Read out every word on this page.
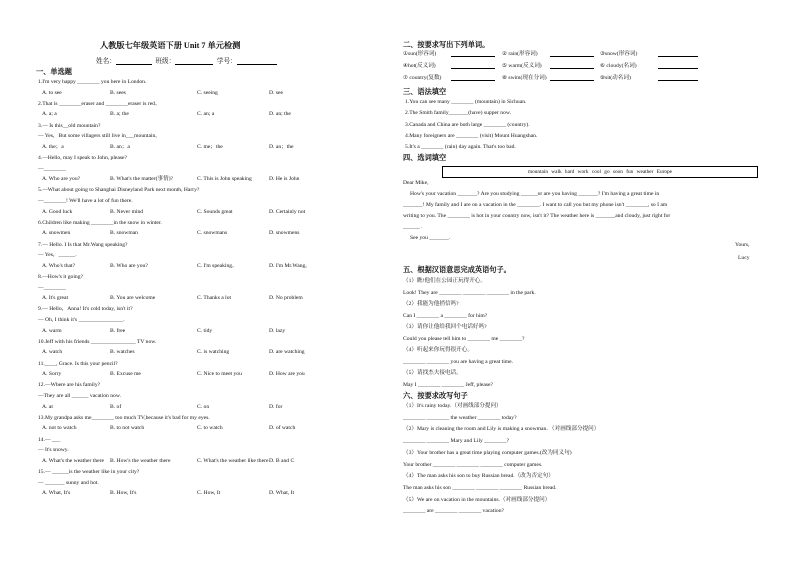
人教版七年级英语下册 Unit 7 单元检测
姓名：	班级：	学号：
一、单选题
1.I'm very happy ________ you here in London.
A. to see	B. sees	C. seeing	D. see
2.That is ________eraser and ________eraser is red。
A. a; a	B. a; the	C. an; a	D. an; the
3.— Is this__old mountain?
— Yes，But some villagers still live in___mountain。
A. the；a	B. an；a	C. me；the	D. an；the
4.—Hello, may I speak to John, please?
—________
A. Who are you?	B. What's the matter(事情)?	C. This is John speaking	D. He is John
5.—What about going to Shanghai Disneyland Park next month, Harry?
—________! We'll have a lot of fun there.
A. Good luck	B. Never mind	C. Sounds great	D. Certainly not
6.Children like making ________in the snow in winter.
A. snowmen	B. snowman	C. snowmans	D. snowmens
7.— Hello. I Is that Mr.Wang speaking?
— Yes，______.
A. Who's that?	B. Who are you?	C. I'm speaking。	D. I'm Mr.Wang。
8.—How's it going?
—________
A. It's great	B. You are welcome	C. Thanks a lot	D. No problem
9.— Hello，Anna! It's cold today, isn't it?
— Oh, I think it's ________________.
A. warm	B. free	C. tidy	D. lazy
10.Jeff with his friends ________________ TV now.
A. watch	B. watches	C. is watching	D. are watching
11.____, Grace. Is this your pencil?
A. Sorry	B. Excuse me	C. Nice to meet you	D. How are you
12.—Where are his family?
—They are all ______ vacation now.
A. at	B. of	C. on	D. for
13.My grandpa asks me________ too much TV,because it's bad for my eyes.
A. not to watch	B. to not watch	C. to watch	D. of watch
14.— ___
— It's snowy.
A. What's the weather there B. How's the weather there	C. What's the weather like there D. B and C
15.— ______is the weather like in your city?
— _______ sunny and hot.
A. What, It's	B. How, It's	C. How, It	D. What, It
二、按要求写出下列单词。
①sun(形容词)	② rain(形容词)	③snow(形容词)
④hot(反义词)	⑤ warm(反义词)	⑥ cloudy(名词)
⑦ country(复数)	⑧ swim(现在分词)	⑨sit(动名词)
三、语法填空
1.You can see many ________ (mountain) in Sichuan.
2.The Smith family_______(have) supper now.
3.Canada and China are both large ________ (country).
4.Many foreigners are ________ (visit) Mount Huangshan.
5.It's a ________ (rain) day again. That's too bad.
四、选词填空
mountain walk hard work cool go soon fun weather Europe
Dear Mike,
How's your vacation _______? Are you studying ______or are you having _______? I'm having a great time in
_______! My family and I are on a vacation in the ________. I want to call you but my phone isn't ________, so I am
writing to you. The ________ is hot in your country now, isn't it? The weather here is _______and cloudy, just right for
______ .
See you _______.
Yours,
Lucy
五、根据汉语意思完成英语句子。
（1）瞧!他们在公园正玩得开心。
Look! They are ________ ________ ________ in the park.
（2）我能为他捎信吗?
Can I ________ a ________ for him?
（3）请你让他给我回个电话好吗?
Could you please tell him to ________ me ________?
（4）听起来你玩得很开心。
________ ________ you are having a great time.
（5）请找杰夫接电话。
May I ________ ________ Jeff, please?
六、按要求改写句子
（1）It's rainy today.（对画线部分提问）
________ ________ the weather ________ today?
（2）Mary is cleaning the room and Lily is making a snowman．（对画线部分提问）
________ ________ Mary and Lily ________?
（3）Your brother has a great time playing computer games.(改为同义句)
Your brother ________ ________ ________ computer games.
（4）The man asks his son to buy Russian bread.（改为否定句）
The man asks his son ________ ________ ________ Russian bread.
（5）We are on vacation in the mountains.（对画线部分提问）
________ are ________ ________ vacation?
